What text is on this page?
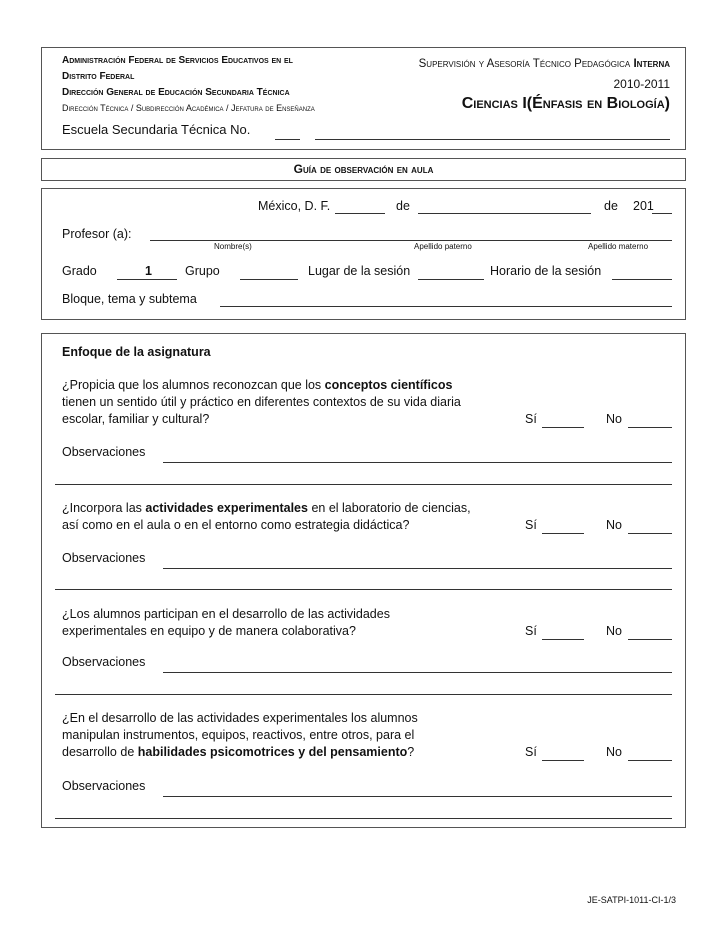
Administración Federal de Servicios Educativos en el
Distrito Federal
Dirección General de Educación Secundaria Técnica
Dirección Técnica / Subdirección Académica / Jefatura de Enseñanza
Supervisión y Asesoría Técnico Pedagógica Interna
2010-2011
Ciencias I(Énfasis en Biología)
Escuela Secundaria Técnica No.
Guía de observación en aula
México, D. F.	de	de 201
Profesor (a):
Nombre(s)	Apellido paterno	Apellido materno
Grado	1	Grupo	Lugar de la sesión	Horario de la sesión
Bloque, tema y subtema
Enfoque de la asignatura
¿Propicia que los alumnos reconozcan que los conceptos científicos
tienen un sentido útil y práctico en diferentes contextos de su vida diaria
escolar, familiar y cultural?	Sí	No
Observaciones
¿Incorpora las actividades experimentales en el laboratorio de ciencias,
así como en el aula o en el entorno como estrategia didáctica?	Sí	No
Observaciones
¿Los alumnos participan en el desarrollo de las actividades
experimentales en equipo y de manera colaborativa?	Sí	No
Observaciones
¿En el desarrollo de las actividades experimentales los alumnos
manipulan instrumentos, equipos, reactivos, entre otros, para el
desarrollo de habilidades psicomotrices y del pensamiento?	Sí	No
Observaciones
JE-SATPI-1011-CI-1/3
